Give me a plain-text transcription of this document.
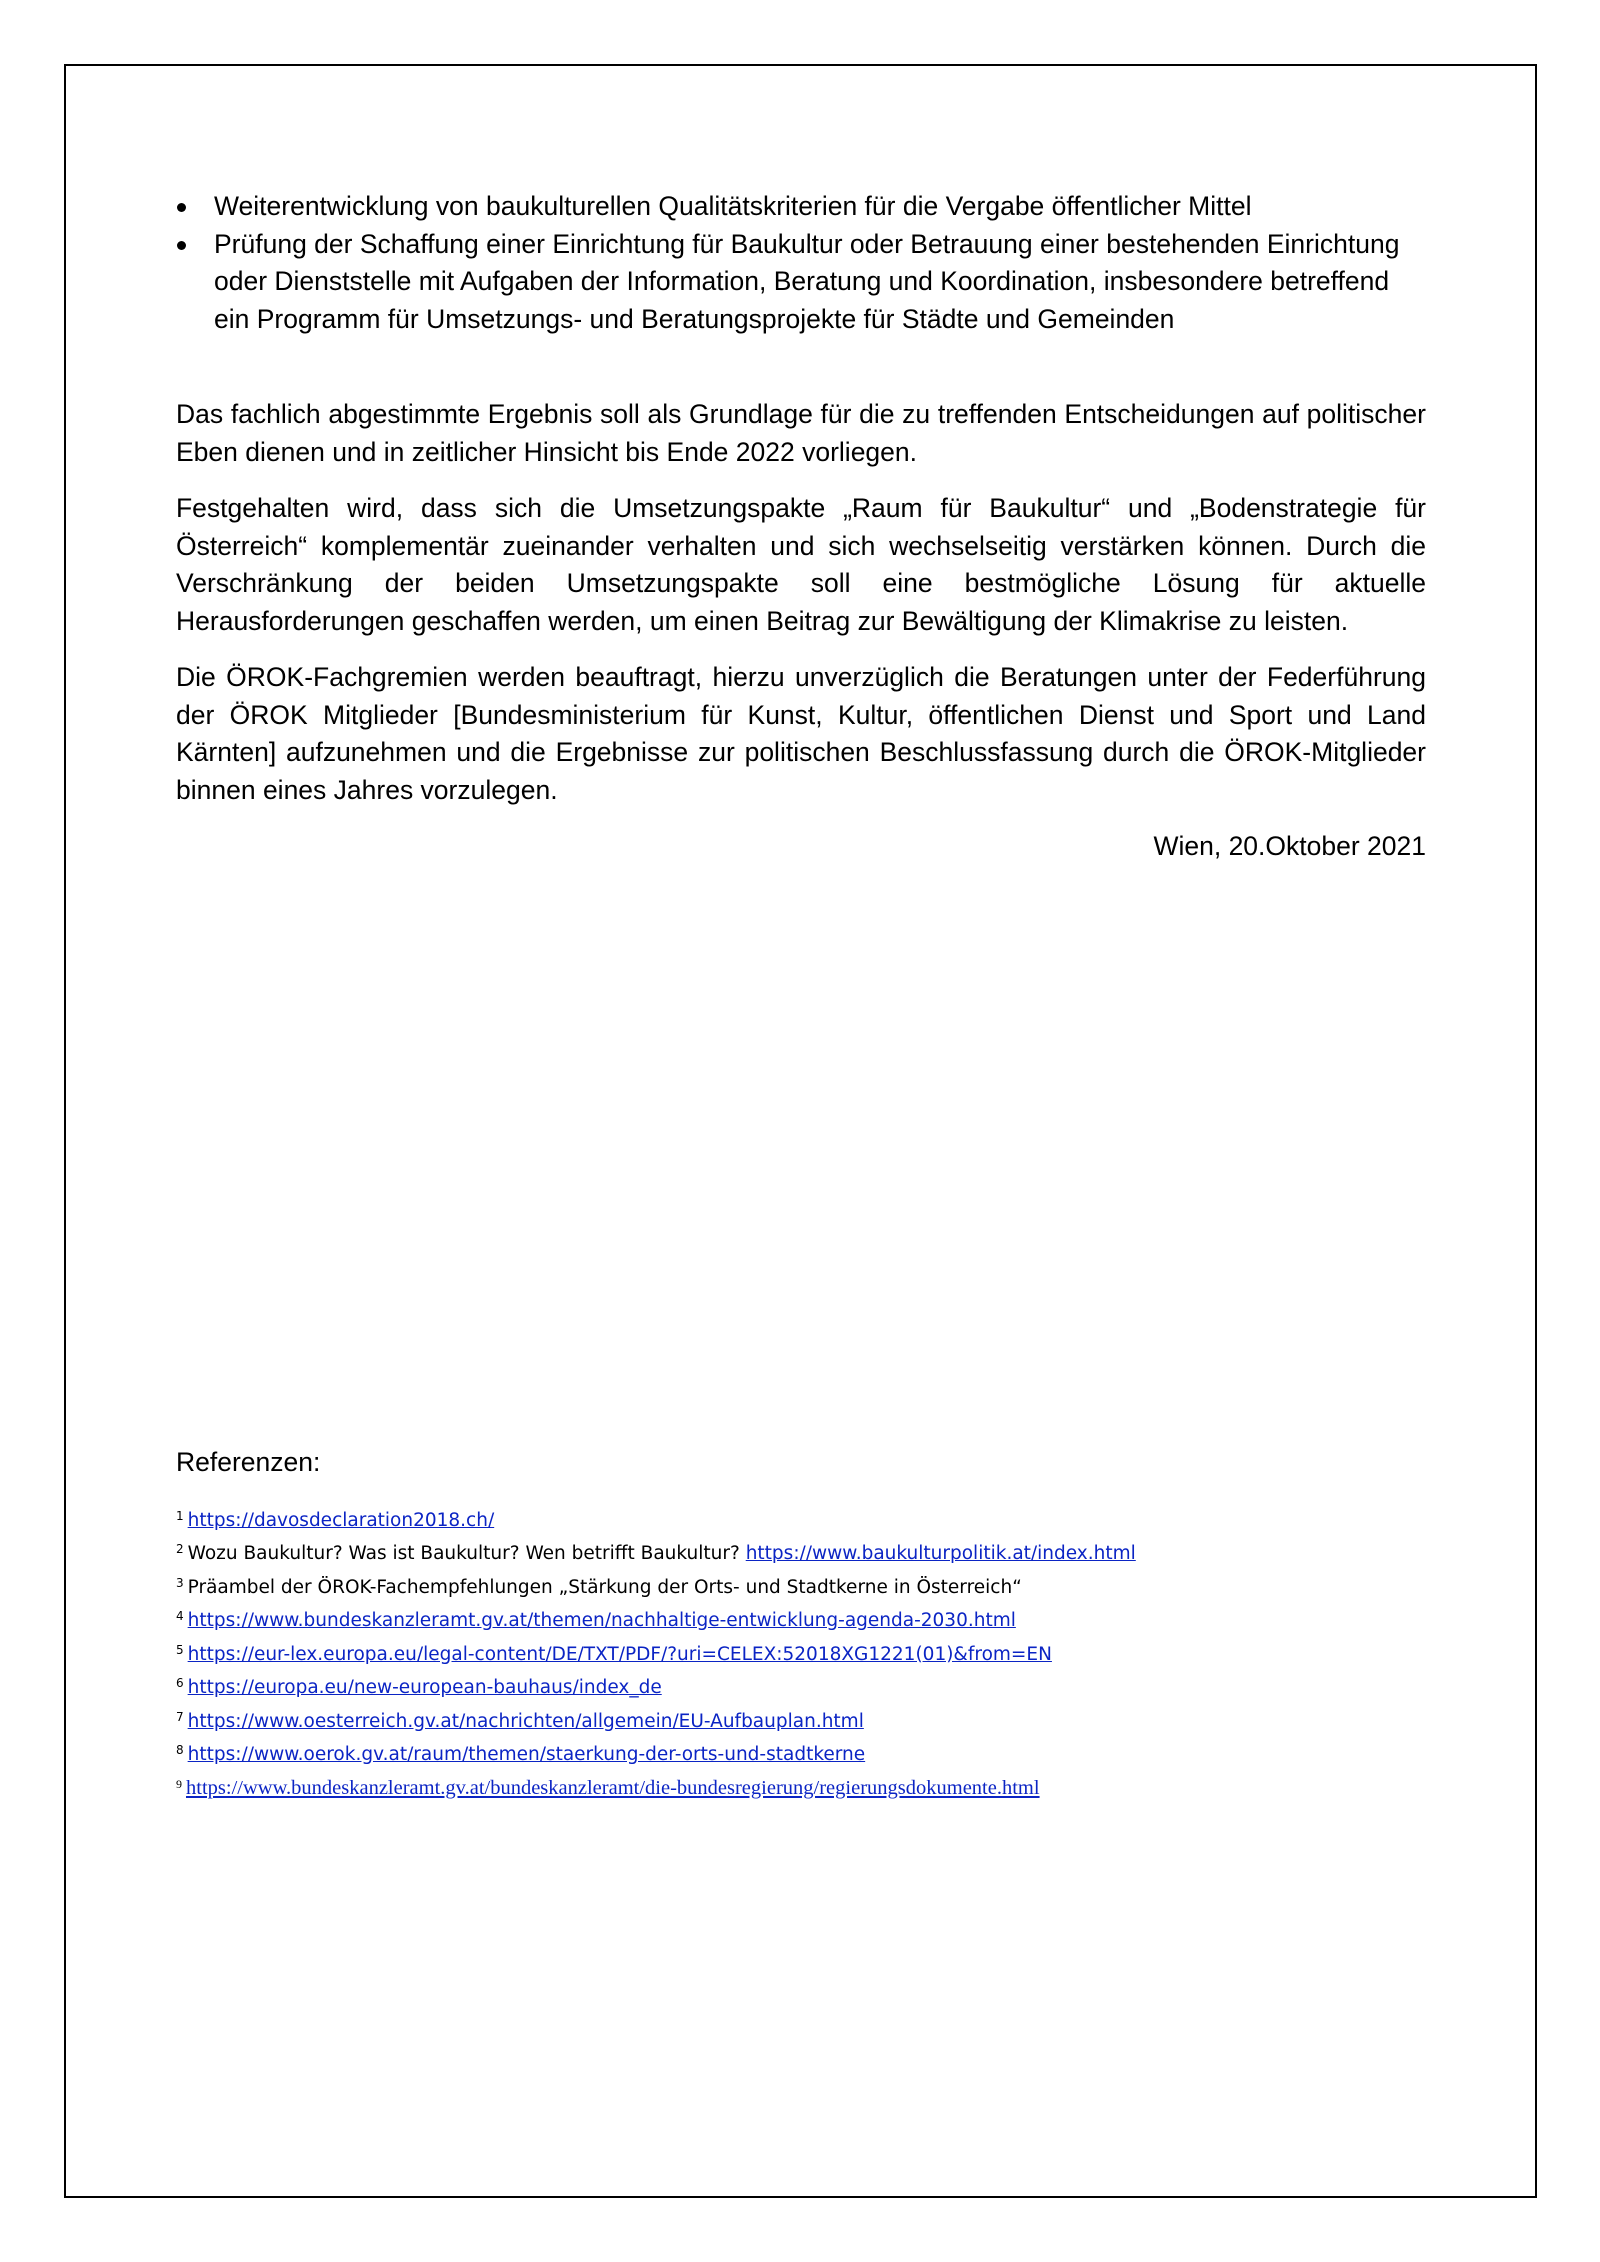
Weiterentwicklung von baukulturellen Qualitätskriterien für die Vergabe öffentlicher Mittel
Prüfung der Schaffung einer Einrichtung für Baukultur oder Betrauung einer bestehenden Einrichtung oder Dienststelle mit Aufgaben der Information, Beratung und Koordination, insbesondere betreffend ein Programm für Umsetzungs- und Beratungsprojekte für Städte und Gemeinden

Das fachlich abgestimmte Ergebnis soll als Grundlage für die zu treffenden Entscheidungen auf politischer Eben dienen und in zeitlicher Hinsicht bis Ende 2022 vorliegen.

Festgehalten wird, dass sich die Umsetzungspakte „Raum für Baukultur“ und „Bodenstrategie für Österreich“ komplementär zueinander verhalten und sich wechselseitig verstärken können. Durch die Verschränkung der beiden Umsetzungspakte soll eine bestmögliche Lösung für aktuelle Herausforderungen geschaffen werden, um einen Beitrag zur Bewältigung der Klimakrise zu leisten.

Die ÖROK-Fachgremien werden beauftragt, hierzu unverzüglich die Beratungen unter der Federführung der ÖROK Mitglieder [Bundesministerium für Kunst, Kultur, öffentlichen Dienst und Sport und Land Kärnten] aufzunehmen und die Ergebnisse zur politischen Beschlussfassung durch die ÖROK-Mitglieder binnen eines Jahres vorzulegen.

Wien, 20.Oktober 2021

Referenzen:

$^1$ https://davosdeclaration2018.ch/
$^2$ Wozu Baukultur? Was ist Baukultur? Wen betrifft Baukultur? https://www.baukulturpolitik.at/index.html
$^3$ Präambel der ÖROK-Fachempfehlungen „Stärkung der Orts- und Stadtkerne in Österreich“
$^4$ https://www.bundeskanzleramt.gv.at/themen/nachhaltige-entwicklung-agenda-2030.html
$^5$ https://eur-lex.europa.eu/legal-content/DE/TXT/PDF/?uri=CELEX:52018XG1221(01)&from=EN
$^6$ https://europa.eu/new-european-bauhaus/index_de
$^7$ https://www.oesterreich.gv.at/nachrichten/allgemein/EU-Aufbauplan.html
$^8$ https://www.oerok.gv.at/raum/themen/staerkung-der-orts-und-stadtkerne
$^9$ https://www.bundeskanzleramt.gv.at/bundeskanzleramt/die-bundesregierung/regierungsdokumente.html
